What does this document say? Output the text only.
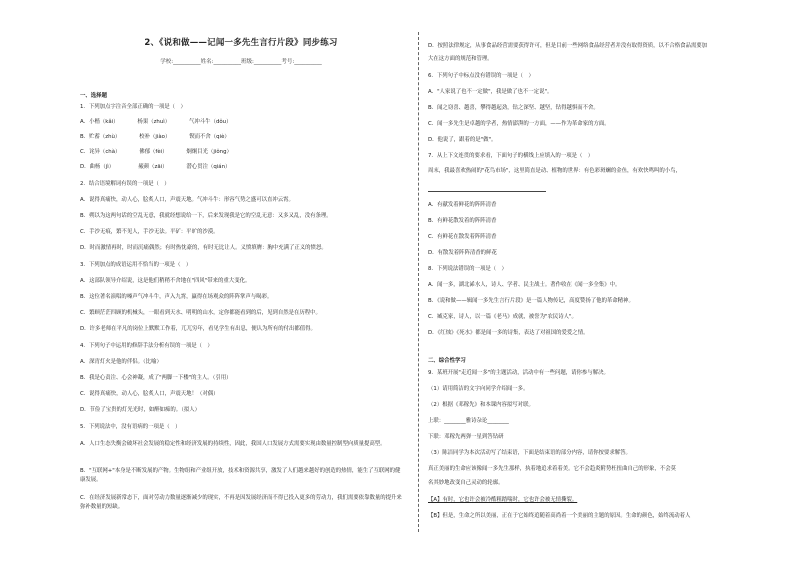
2、《说和做——记闻一多先生言行片段》同步练习
学校:__________姓名:__________班级:__________考号:__________
一、选择题
1．下列加点字注音全部正确的一项是（　）
A．小楷（kǎi）　　　　杨果（zhuì）　　　　气冲斗牛（dǒu）
B．贮蓄（zhù）　　　　校补（jiào）　　　　锲而不舍（qiè）
C．诧异（chà）　　　　佛郁（fèi）　　　　炯炯目光（jiǒng）
D．曲杨（jì）　　　　　赧颜（zāi）　　　　潜心贯注（qián）
2．结合语境解词有误的一项是（　）
A．说得真痛快，动人心，脍炙人口，声震天地。气冲斗牛：形容气势之盛可以直冲云霄。
B．朔以为这两句话的空乱无意，我就经想说给一下，后来发现我是它的空乱无意：又多又乱，没有条理。
C．手沙无痕，繁不见人，手沙无法。平矿：平旷的沙漠。
D．时而激情再时，时而沉痛偶然；有时热忱豪的，有时无比让人。义愤填膺：胸中充满了正义的愤怒。
3．下列加点的成语运用不恰当的一项是（　）
A．这部队领导介绍说，这是他们稍稍不舍地在"四风"带来的重大变化。
B．这位著名演唱的嗓声气冲斗牛，声入九霄，赢得在场观众的阵阵掌声与喝彩。
C．繁顾茫茫四顾的机械头，一眼看到天水、明明的山水，定你都能看到的后，见到自然是在历程中。
D．许多老师在平凡的岗位上默默工作着，兀兀穷年，看见学生有出息，便认为所有的付出都值得。
4．下列句子中运用的修辞手法分析有误的一项是（　）
A．深宵灯火是他的伴侣。（比喻）
B．我是心责注、心会神凝，成了"两脚一下楼"的主人。（引用）
C．说得真痛快，动人心，脍炙人口，声震天地！（对偶）
D．节俭了宝贵的灯光光时，如醉如痴的。（拟人）
5．下列说法中，没有语病的一项是（　）
A．人口生态失衡会破坏社会发展的稳定性和经济发展的持续性，因此，我国人口发展方式需要实现由数量控制型向质量提高型。
B．"互联网+"本身是不断发展的产物。生物组和产业组开放，技术和资源共享，激发了人们越来越好的创造的热情，能生了互联网的健康发展。
C．在经济发展新常态下，面对劳动力数量逐渐减少的现实，不再是因发展经济而不得已投入更多的劳动力，我们需要依靠数量的提升来弥补数量的短缺。
D．按照法律规定，从事食品经营需要获得许可，但是目前一些网络食品经营者并没有取得资质，以不合格食品需要加
大在这方面的规范和管理。
6．下列句子中标点没有错误的一项是（　）
A．"人家说了也不一定做"，我是做了也不一定说"。
B．闻之窃喜、越喜，攀得越起劲，钻之深坚、越坚，钻得越惧而不舍。
C．闻一多先生是卓越的学者，热情澎湃的一方面，——作为革命家的方面。
D．他说了，跟着的是"做"。
7．从上下文连贯的要求看，下面句子的横线上应填入的一项是（　）
周末，我最喜欢热闹的"花鸟市场"，这里简直是动、植物的世界：有色彩斑斓的金鱼，有欢快鸣叫的小鸟，
A．有献发着鲜花的阵阵清香
B．有鲜花散发着的阵阵清香
C．有鲜花在散发着阵阵清香
D．有散发着阵阵清香的鲜花
8．下列说法错误的一项是（　）
A．闻一多，湖北浠水人，诗人、学者、民主战士。著作收在《闻一多全集》中。
B．《说和做——辑闻一多先生言行片段》是一篇人物传记，高度赞扬了他的革命精神。
C．臧克家，诗人，以一篇《老马》成就，被誉为"农民诗人"。
D．《红烛》《死水》都是闻一多的诗集，表达了对祖国的爱爱之情。
二、综合性学习
9．某班开展"走近闻一多"的主题活动，活动中有一些问题，请你参与解决。
（1）请用简洁的文字向同学介绍闻一多。
（2）根据《邓稼先》和本课内容拟写对联。
上联：________雅诗杂论________
下联：邓稼先两弹一星到答钻研
（3）陈洁同学为本次活动写了结束语，下面是结束语的部分内容，请你按要求解答。
真正美丽的生命应该像闻一多先生那样，执着地追求着着美。它不会趋炎附势枉扭曲自己的形象，不会莫
名其妙地改变自己灵动的轮廓。
【A】有时，它也许会被冷酷粗踏喘时，它也许会被无情撕裂。
【B】但是，生命之所以美丽，正在于它始终追随着高尚着一个美丽的主题的原因。生命的颜色，始终流动着人
